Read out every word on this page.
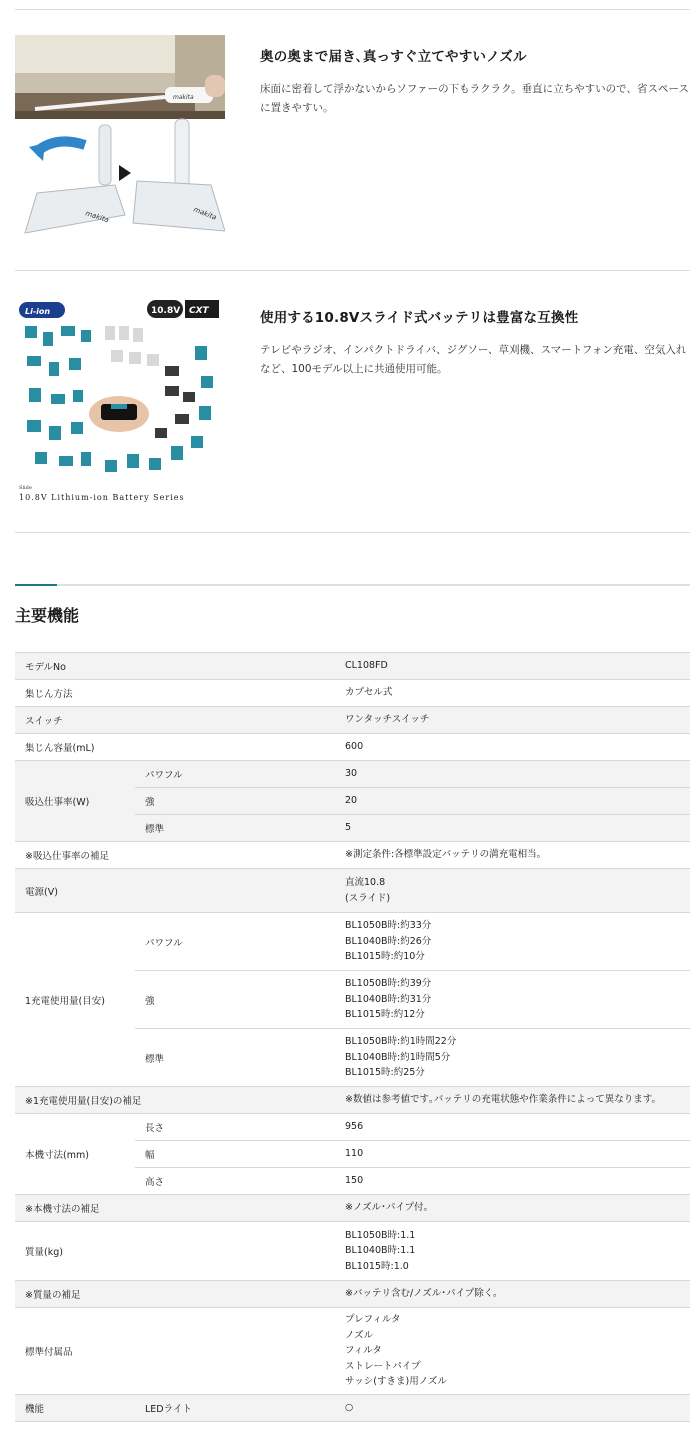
makita
makita	makita
奥の奥まで届き､真っすぐ立てやすいノズル

床面に密着して浮かないからソファーの下もラクラク。垂直に立ちやすいので、省スペースに置きやすい。

Li-ion	10.8V CXT
Slide
10.8V Lithium-ion Battery Series
使用する10.8Vスライド式バッテリは豊富な互換性

テレビやラジオ、インパクトドライバ、ジグソー、草刈機、スマートフォン充電、空気入れなど、100モデル以上に共通使用可能。

主要機能
モデルNo		CL108FD
集じん方法		カプセル式
スイッチ		ワンタッチスイッチ
集じん容量(mL)		600
吸込仕事率(W)	パワフル	30
	強	20
	標準	5
※吸込仕事率の補足		※測定条件:各標準設定バッテリの満充電相当。
電源(V)		直流10.8
(スライド)

1充電使用量(目安)	パワフル	BL1050B時:約33分
BL1040B時:約26分
BL1015時:約10分

	強	BL1050B時:約39分
BL1040B時:約31分
BL1015時:約12分

	標準	BL1050B時:約1時間22分
BL1040B時:約1時間5分
BL1015時:約25分

※1充電使用量(目安)の補足		※数値は参考値です｡バッテリの充電状態や作業条件によって異なります。
本機寸法(mm)	長さ	956
	幅	110
	高さ	150
※本機寸法の補足		※ノズル･パイプ付。
質量(kg)		BL1050B時:1.1
BL1040B時:1.1
BL1015時:1.0

※質量の補足		※バッテリ含む/ノズル･パイプ除く。
標準付属品		プレフィルタ
ノズル
フィルタ
ストレートパイプ
サッシ(すきま)用ノズル

機能	LEDライト	○
